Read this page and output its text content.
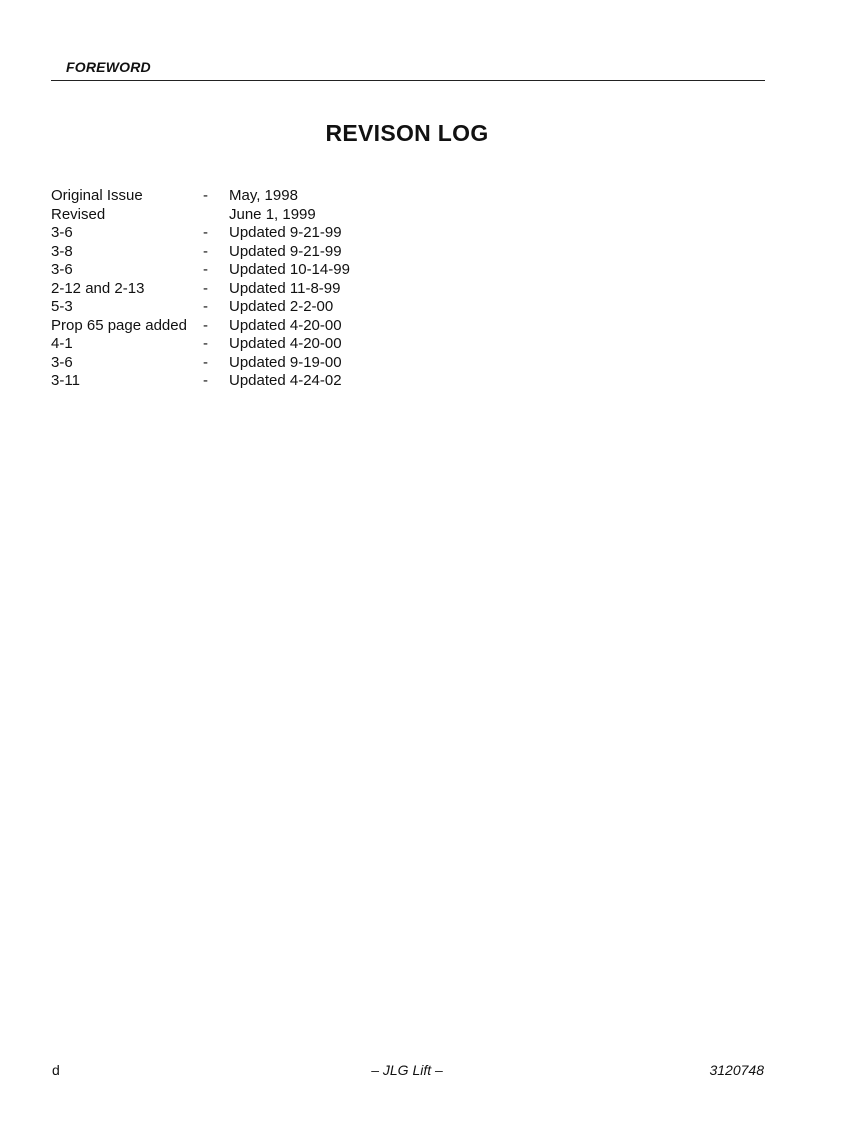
FOREWORD
REVISON LOG
Original Issue	- May, 1998
Revised	June 1, 1999
3-6	- Updated 9-21-99
3-8	- Updated 9-21-99
3-6	- Updated 10-14-99
2-12 and 2-13	- Updated 11-8-99
5-3	- Updated 2-2-00
Prop 65 page added - Updated 4-20-00
4-1	- Updated 4-20-00
3-6	- Updated 9-19-00
3-11	- Updated 4-24-02
d	– JLG Lift –	3120748
